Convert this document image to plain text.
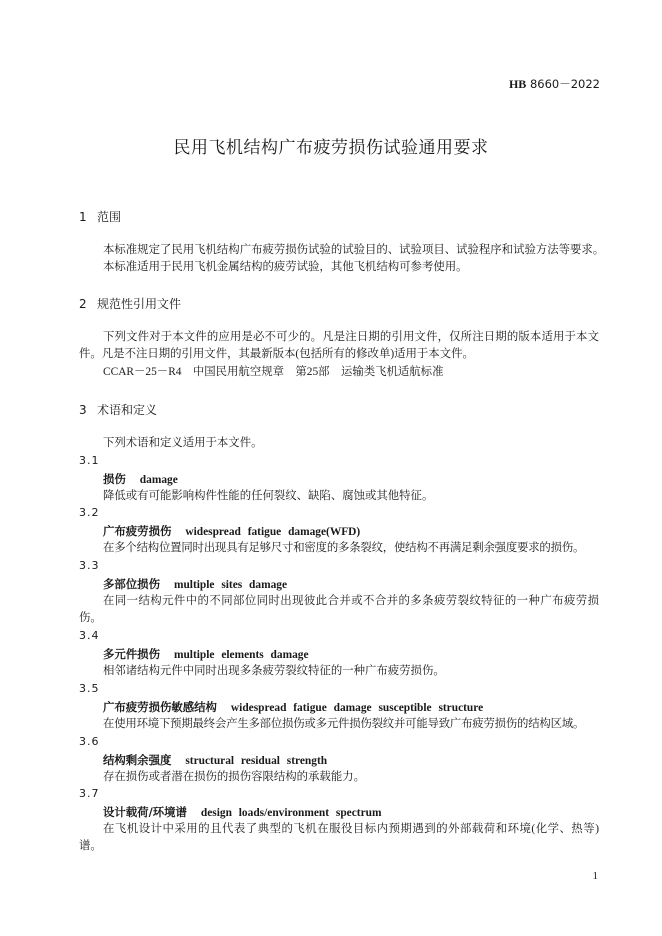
HB 8660－2022
民用飞机结构广布疲劳损伤试验通用要求
1 范围
本标准规定了民用飞机结构广布疲劳损伤试验的试验目的、试验项目、试验程序和试验方法等要求。
本标准适用于民用飞机金属结构的疲劳试验，其他飞机结构可参考使用。
2 规范性引用文件
下列文件对于本文件的应用是必不可少的。凡是注日期的引用文件，仅所注日期的版本适用于本文件。凡是不注日期的引用文件，其最新版本(包括所有的修改单)适用于本文件。
CCAR－25－R4　中国民用航空规章　第25部　运输类飞机适航标准
3 术语和定义
下列术语和定义适用于本文件。
3.1
损伤 damage
降低或有可能影响构件性能的任何裂纹、缺陷、腐蚀或其他特征。
3.2
广布疲劳损伤 widespread fatigue damage(WFD)
在多个结构位置同时出现具有足够尺寸和密度的多条裂纹，使结构不再满足剩余强度要求的损伤。
3.3
多部位损伤 multiple sites damage
在同一结构元件中的不同部位同时出现彼此合并或不合并的多条疲劳裂纹特征的一种广布疲劳损伤。
3.4
多元件损伤 multiple elements damage
相邻诸结构元件中同时出现多条疲劳裂纹特征的一种广布疲劳损伤。
3.5
广布疲劳损伤敏感结构 widespread fatigue damage susceptible structure
在使用环境下预期最终会产生多部位损伤或多元件损伤裂纹并可能导致广布疲劳损伤的结构区域。
3.6
结构剩余强度 structural residual strength
存在损伤或者潜在损伤的损伤容限结构的承载能力。
3.7
设计载荷/环境谱 design loads/environment spectrum
在飞机设计中采用的且代表了典型的飞机在服役目标内预期遇到的外部载荷和环境(化学、热等)谱。
1
